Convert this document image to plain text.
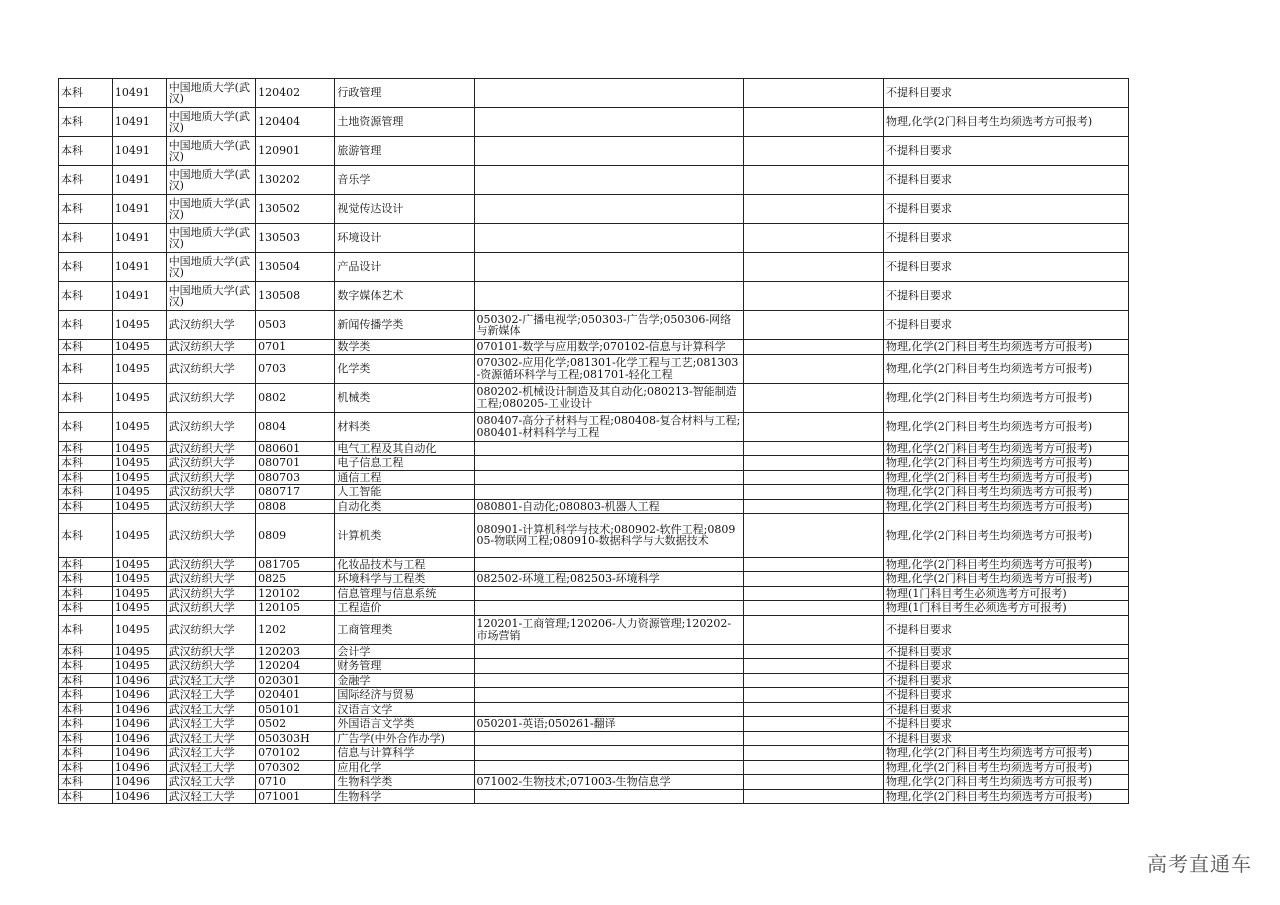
本科	10491	中国地质大学(武汉)	120402	行政管理			不提科目要求
本科	10491	中国地质大学(武汉)	120404	土地资源管理			物理,化学(2门科目考生均须选考方可报考)
本科	10491	中国地质大学(武汉)	120901	旅游管理			不提科目要求
本科	10491	中国地质大学(武汉)	130202	音乐学			不提科目要求
本科	10491	中国地质大学(武汉)	130502	视觉传达设计			不提科目要求
本科	10491	中国地质大学(武汉)	130503	环境设计			不提科目要求
本科	10491	中国地质大学(武汉)	130504	产品设计			不提科目要求
本科	10491	中国地质大学(武汉)	130508	数字媒体艺术			不提科目要求
本科	10495	武汉纺织大学	0503	新闻传播学类	050302-广播电视学;050303-广告学;050306-网络与新媒体		不提科目要求
本科	10495	武汉纺织大学	0701	数学类	070101-数学与应用数学;070102-信息与计算科学		物理,化学(2门科目考生均须选考方可报考)
本科	10495	武汉纺织大学	0703	化学类	070302-应用化学;081301-化学工程与工艺;081303-资源循环科学与工程;081701-轻化工程		物理,化学(2门科目考生均须选考方可报考)
本科	10495	武汉纺织大学	0802	机械类	080202-机械设计制造及其自动化;080213-智能制造工程;080205-工业设计		物理,化学(2门科目考生均须选考方可报考)
本科	10495	武汉纺织大学	0804	材料类	080407-高分子材料与工程;080408-复合材料与工程;080401-材料科学与工程		物理,化学(2门科目考生均须选考方可报考)
本科	10495	武汉纺织大学	080601	电气工程及其自动化			物理,化学(2门科目考生均须选考方可报考)
本科	10495	武汉纺织大学	080701	电子信息工程			物理,化学(2门科目考生均须选考方可报考)
本科	10495	武汉纺织大学	080703	通信工程			物理,化学(2门科目考生均须选考方可报考)
本科	10495	武汉纺织大学	080717	人工智能			物理,化学(2门科目考生均须选考方可报考)
本科	10495	武汉纺织大学	0808	自动化类	080801-自动化;080803-机器人工程		物理,化学(2门科目考生均须选考方可报考)
本科	10495	武汉纺织大学	0809	计算机类	080901-计算机科学与技术;080902-软件工程;080905-物联网工程;080910-数据科学与大数据技术		物理,化学(2门科目考生均须选考方可报考)
本科	10495	武汉纺织大学	081705	化妆品技术与工程			物理,化学(2门科目考生均须选考方可报考)
本科	10495	武汉纺织大学	0825	环境科学与工程类	082502-环境工程;082503-环境科学		物理,化学(2门科目考生均须选考方可报考)
本科	10495	武汉纺织大学	120102	信息管理与信息系统			物理(1门科目考生必须选考方可报考)
本科	10495	武汉纺织大学	120105	工程造价			物理(1门科目考生必须选考方可报考)
本科	10495	武汉纺织大学	1202	工商管理类	120201-工商管理;120206-人力资源管理;120202-市场营销		不提科目要求
本科	10495	武汉纺织大学	120203	会计学			不提科目要求
本科	10495	武汉纺织大学	120204	财务管理			不提科目要求
本科	10496	武汉轻工大学	020301	金融学			不提科目要求
本科	10496	武汉轻工大学	020401	国际经济与贸易			不提科目要求
本科	10496	武汉轻工大学	050101	汉语言文学			不提科目要求
本科	10496	武汉轻工大学	0502	外国语言文学类	050201-英语;050261-翻译		不提科目要求
本科	10496	武汉轻工大学	050303H	广告学(中外合作办学)			不提科目要求
本科	10496	武汉轻工大学	070102	信息与计算科学			物理,化学(2门科目考生均须选考方可报考)
本科	10496	武汉轻工大学	070302	应用化学			物理,化学(2门科目考生均须选考方可报考)
本科	10496	武汉轻工大学	0710	生物科学类	071002-生物技术;071003-生物信息学		物理,化学(2门科目考生均须选考方可报考)
本科	10496	武汉轻工大学	071001	生物科学			物理,化学(2门科目考生均须选考方可报考)
高考直通车
